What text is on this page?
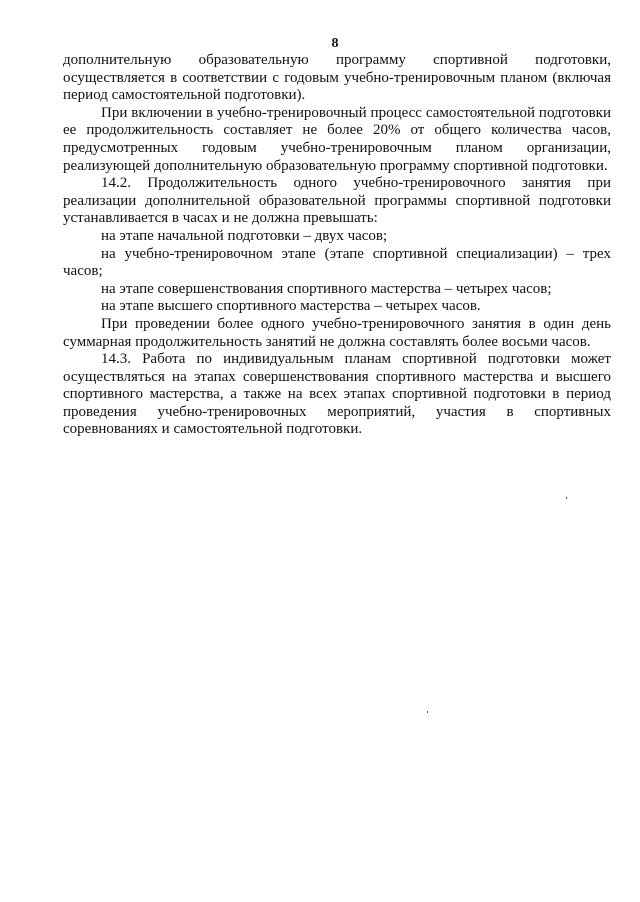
8

дополнительную образовательную программу спортивной подготовки, осуществляется в соответствии с годовым учебно-тренировочным планом (включая период самостоятельной подготовки).

При включении в учебно-тренировочный процесс самостоятельной подготовки ее продолжительность составляет не более 20% от общего количества часов, предусмотренных годовым учебно-тренировочным планом организации, реализующей дополнительную образовательную программу спортивной подготовки.

14.2. Продолжительность одного учебно-тренировочного занятия при реализации дополнительной образовательной программы спортивной подготовки устанавливается в часах и не должна превышать:

на этапе начальной подготовки – двух часов;

на учебно-тренировочном этапе (этапе спортивной специализации) – трех часов;

на этапе совершенствования спортивного мастерства – четырех часов;

на этапе высшего спортивного мастерства – четырех часов.

При проведении более одного учебно-тренировочного занятия в один день суммарная продолжительность занятий не должна составлять более восьми часов.

14.3. Работа по индивидуальным планам спортивной подготовки может осуществляться на этапах совершенствования спортивного мастерства и высшего спортивного мастерства, а также на всех этапах спортивной подготовки в период проведения учебно-тренировочных мероприятий, участия в спортивных соревнованиях и самостоятельной подготовки.
